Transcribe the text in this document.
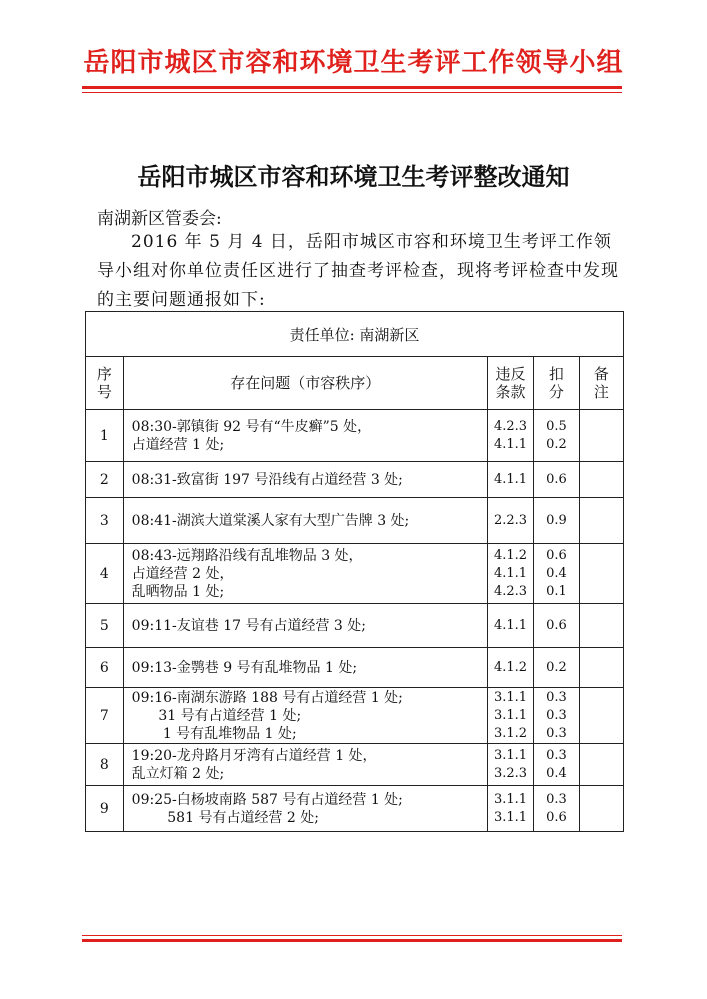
岳阳市城区市容和环境卫生考评工作领导小组
岳阳市城区市容和环境卫生考评整改通知
南湖新区管委会:
2016 年 5 月 4 日，岳阳市城区市容和环境卫生考评工作领导小组对你单位责任区进行了抽查考评检查，现将考评检查中发现的主要问题通报如下:
责任单位: 南湖新区				

序
号	存在问题（市容秩序）	违反
条款	扣
分	备
注

1	08:30-郭镇街 92 号有“牛皮癣”5 处，
占道经营 1 处;	4.2.3
4.1.1	0.5
0.2	

2	08:31-致富街 197 号沿线有占道经营 3 处;	4.1.1	0.6	

3	08:41-湖滨大道棠溪人家有大型广告牌 3 处;	2.2.3	0.9	

4	08:43-远翔路沿线有乱堆物品 3 处，
占道经营 2 处，
乱晒物品 1 处;	4.1.2
4.1.1
4.2.3	0.6
0.4
0.1	

5	09:11-友谊巷 17 号有占道经营 3 处;	4.1.1	0.6	

6	09:13-金鹗巷 9 号有乱堆物品 1 处;	4.1.2	0.2	

7	09:16-南湖东游路 188 号有占道经营 1 处;
31 号有占道经营 1 处;
1 号有乱堆物品 1 处;	3.1.1
3.1.1
3.1.2	0.3
0.3
0.3	

8	19:20-龙舟路月牙湾有占道经营 1 处，
乱立灯箱 2 处;	3.1.1
3.2.3	0.3
0.4	

9	09:25-白杨坡南路 587 号有占道经营 1 处;
581 号有占道经营 2 处;	3.1.1
3.1.1	0.3
0.6	
